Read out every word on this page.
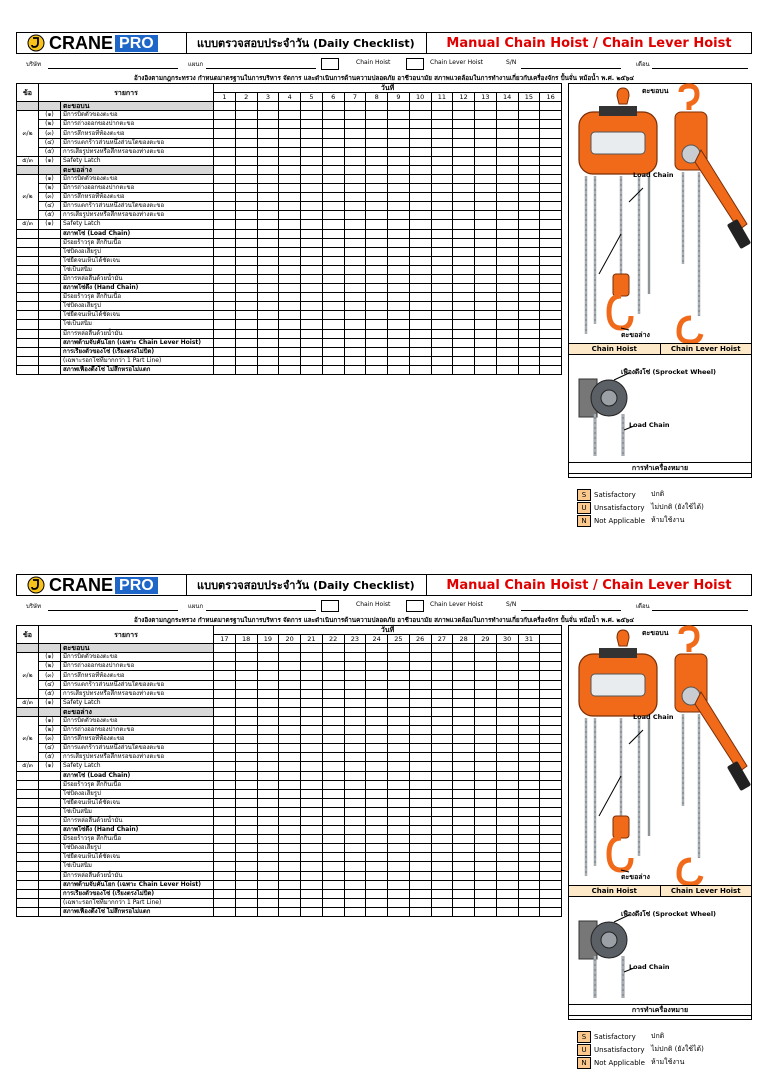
CRANE PRO	แบบตรวจสอบประจำวัน (Daily Checklist)	Manual Chain Hoist / Chain Lever Hoist
บริษัท	แผนก	Chain Hoist	Chain Lever Hoist	S/N	เดือน
อ้างอิงตามกฎกระทรวง กำหนดมาตรฐานในการบริหาร จัดการ และดำเนินการด้านความปลอดภัย อาชีวอนามัย สภาพแวดล้อมในการทำงานเกี่ยวกับเครื่องจักร ปั้นจั่น หม้อน้ำ พ.ศ. ๒๕๖๔
ข้อ	รายการ		วันที่															
			1	2	3	4	5	6	7	8	9	10	11	12	13	14	15	16
		ตะขอบน																
๓/๒	(๑)	มีการบิดตัวของตะขอ																
	(๒)	มีการถ่างออกของปากตะขอ																
	(๓)	มีการสึกหรอที่ท้องตะขอ																
	(๔)	มีการแตกร้าวส่วนหนึ่งส่วนใดของตะขอ																
	(๕)	การเสียรูปทรงหรือสึกหรอของท่างตะขอ																
๕/๓	(๑)	Safety Latch																
		ตะขอล่าง																
๓/๒	(๑)	มีการบิดตัวของตะขอ																
	(๒)	มีการถ่างออกของปากตะขอ																
	(๓)	มีการสึกหรอที่ท้องตะขอ																
	(๔)	มีการแตกร้าวส่วนหนึ่งส่วนใดของตะขอ																
	(๕)	การเสียรูปทรงหรือสึกหรอของท่างตะขอ																
๕/๓	(๑)	Safety Latch																
		สภาพโซ่ (Load Chain)																
		มีรอยร้าวรุด สึกกินเนื้อ																
		โซ่บิดงอเสียรูป																
		โซ่ยืดจนเห็นได้ชัดเจน																
		โซ่เป็นสนิม																
		มีการหล่อลื่นด้วยน้ำมัน																
		สภาพโซ่ดึง (Hand Chain)																
		มีรอยร้าวรุด สึกกินเนื้อ																
		โซ่บิดงอเสียรูป																
		โซ่ยืดจนเห็นได้ชัดเจน																
		โซ่เป็นสนิม																
		มีการหล่อลื่นด้วยน้ำมัน																
		สภาพด้ามจับคันโยก (เฉพาะ Chain Lever Hoist)																
		การเรียงตัวของโซ่ (เรียงตรงไม่บิด)																
		(เฉพาะรอกโซ่ที่มากกว่า 1 Part Line)																
		สภาพเฟืองดึงโซ่ ไม่สึกหรอไม่แตก																
ตะขอบน
Load Chain
ตะขอล่าง
Chain Hoist	Chain Lever Hoist
เฟืองดึงโซ่ (Sprocket Wheel)
Load Chain
การทำเครื่องหมาย
S	Satisfactory	ปกติ
U	Unsatisfactory ไม่ปกติ (ยังใช้ได้)
N	Not Applicable ห้ามใช้งาน
CRANE PRO	แบบตรวจสอบประจำวัน (Daily Checklist)	Manual Chain Hoist / Chain Lever Hoist
บริษัท	แผนก	Chain Hoist	Chain Lever Hoist	S/N	เดือน
อ้างอิงตามกฎกระทรวง กำหนดมาตรฐานในการบริหาร จัดการ และดำเนินการด้านความปลอดภัย อาชีวอนามัย สภาพแวดล้อมในการทำงานเกี่ยวกับเครื่องจักร ปั้นจั่น หม้อน้ำ พ.ศ. ๒๕๖๔
ข้อ	รายการ		วันที่															
			17	18	19	20	21	22	23	24	25	26	27	28	29	30	31	
		ตะขอบน																
๓/๒	(๑)	มีการบิดตัวของตะขอ																
	(๒)	มีการถ่างออกของปากตะขอ																
	(๓)	มีการสึกหรอที่ท้องตะขอ																
	(๔)	มีการแตกร้าวส่วนหนึ่งส่วนใดของตะขอ																
	(๕)	การเสียรูปทรงหรือสึกหรอของท่างตะขอ																
๕/๓	(๑)	Safety Latch																
		ตะขอล่าง																
๓/๒	(๑)	มีการบิดตัวของตะขอ																
	(๒)	มีการถ่างออกของปากตะขอ																
	(๓)	มีการสึกหรอที่ท้องตะขอ																
	(๔)	มีการแตกร้าวส่วนหนึ่งส่วนใดของตะขอ																
	(๕)	การเสียรูปทรงหรือสึกหรอของท่างตะขอ																
๕/๓	(๑)	Safety Latch																
		สภาพโซ่ (Load Chain)																
		มีรอยร้าวรุด สึกกินเนื้อ																
		โซ่บิดงอเสียรูป																
		โซ่ยืดจนเห็นได้ชัดเจน																
		โซ่เป็นสนิม																
		มีการหล่อลื่นด้วยน้ำมัน																
		สภาพโซ่ดึง (Hand Chain)																
		มีรอยร้าวรุด สึกกินเนื้อ																
		โซ่บิดงอเสียรูป																
		โซ่ยืดจนเห็นได้ชัดเจน																
		โซ่เป็นสนิม																
		มีการหล่อลื่นด้วยน้ำมัน																
		สภาพด้ามจับคันโยก (เฉพาะ Chain Lever Hoist)																
		การเรียงตัวของโซ่ (เรียงตรงไม่บิด)																
		(เฉพาะรอกโซ่ที่มากกว่า 1 Part Line)																
		สภาพเฟืองดึงโซ่ ไม่สึกหรอไม่แตก																
ตะขอบน
Load Chain
ตะขอล่าง
Chain Hoist	Chain Lever Hoist
เฟืองดึงโซ่ (Sprocket Wheel)
Load Chain
การทำเครื่องหมาย
S	Satisfactory	ปกติ
U	Unsatisfactory ไม่ปกติ (ยังใช้ได้)
N	Not Applicable ห้ามใช้งาน
